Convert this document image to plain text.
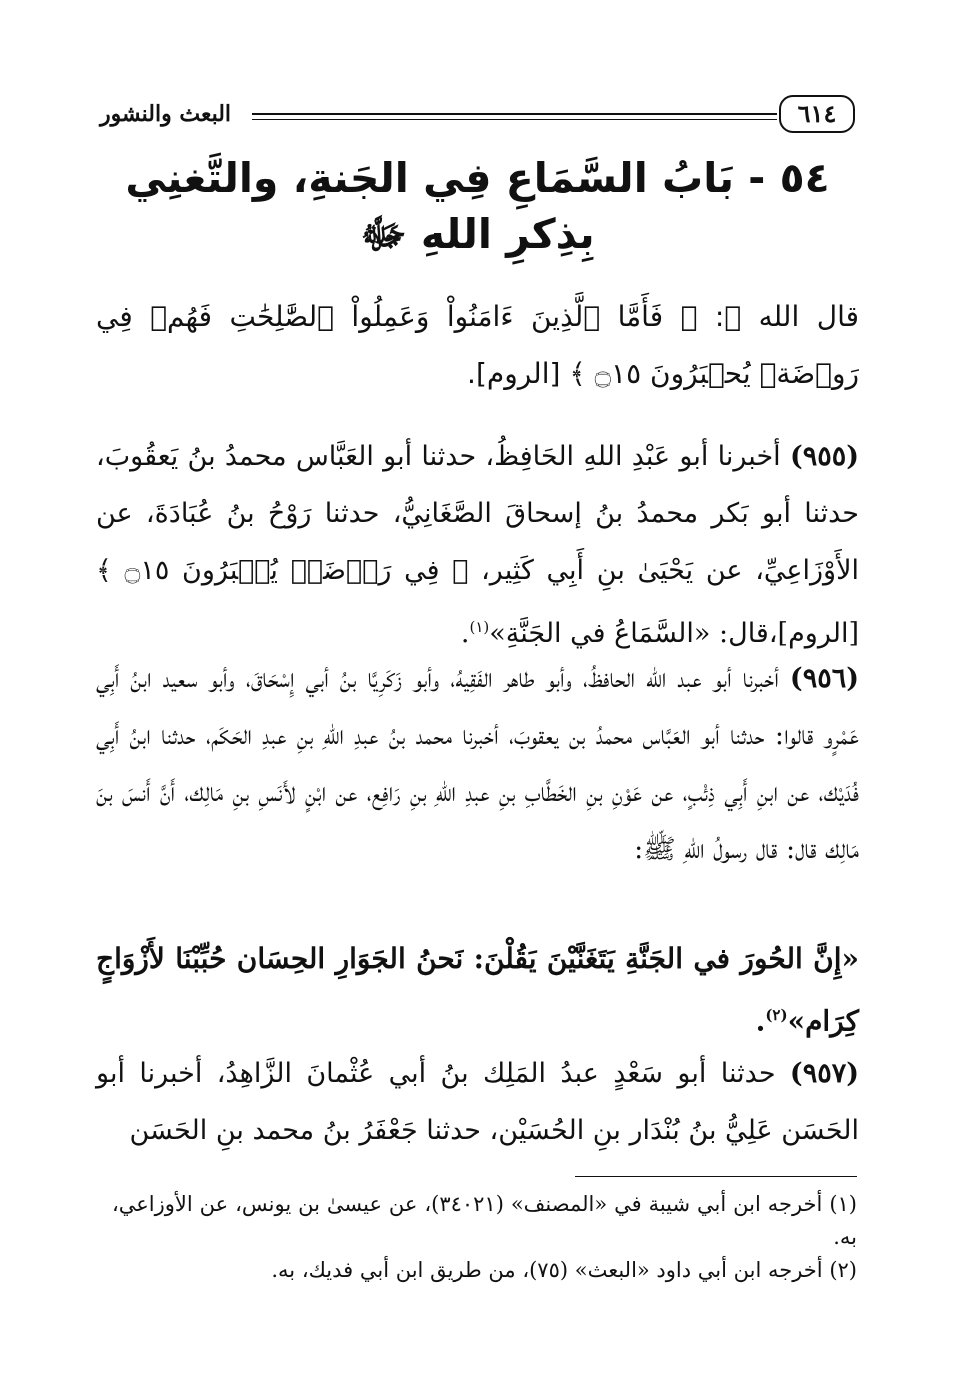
البعث والنشور	٦١٤
٥٤ - بَابُ السَّمَاعِ فِي الجَنةِ، والتَّغنِي
بِذِكرِ اللهِ ﷻ
قال الله ﷻ: ﴿ فَأَمَّا ٱلَّذِينَ ءَامَنُواْ وَعَمِلُواْ ٱلصَّٰلِحَٰتِ فَهُمۡ فِي رَوۡضَةٖ يُحۡبَرُونَ ۝١٥ ﴾ [الروم].
(٩٥٥) أخبرنا أبو عَبْدِ اللهِ الحَافِظُ، حدثنا أبو العَبَّاس محمدُ بنُ يَعقُوبَ، حدثنا أبو بَكر محمدُ بنُ إسحاقَ الصَّغَانِيُّ، حدثنا رَوْحُ بنُ عُبَادَةَ، عن الأَوْزَاعِيِّ، عن يَحْيَىٰ بنِ أَبِي كَثِير، ﴿ فِي رَوۡضَةٖ يُحۡبَرُونَ ۝١٥ ﴾ [الروم]،قال: «السَّمَاعُ في الجَنَّةِ»$^{(١)}$.
(٩٥٦) أخبرنا أبو عبد الله الحافظُ، وأبو طاهر الفَقِيهُ، وأبو زَكَرِيَّا بنُ أبي إِسْحَاقَ، وأبو سعيد ابنُ أَبِي عَمْرٍو قالوا: حدثنا أبو العَبَّاس محمدُ بن يعقوبَ، أخبرنا محمد بنُ عبدِ اللهِ بنِ عبدِ الحَكَم، حدثنا ابنُ أَبِي فُدَيْك، عن ابنِ أَبِي ذِئْبٍ، عن عَوْنِ بنِ الخَطَّابِ بنِ عبدِ اللهِ بنِ رَافِع، عن ابْنٍ لأَنَسِ بنِ مَالِك، أَنَّ أَنسَ بنَ مَالِك قال: قال رسولُ اللهِ ﷺ:
«إِنَّ الحُورَ في الجَنَّةِ يَتَغَنَّيْنَ يَقُلْنَ: نَحنُ الجَوَارِ الحِسَان حُبِّبْنَا لأَزْوَاجٍ كِرَام»$^{(٢)}$.
(٩٥٧) حدثنا أبو سَعْدٍ عبدُ المَلِك بنُ أبي عُثْمانَ الزَّاهِدُ، أخبرنا أبو الحَسَن عَلِيُّ بنُ بُنْدَار بنِ الحُسَيْن، حدثنا جَعْفَرُ بنُ محمد بنِ الحَسَن

(١) أخرجه ابن أبي شيبة في «المصنف» (٣٤٠٢١)، عن عيسىٰ بن يونس، عن الأوزاعي، به.

(٢) أخرجه ابن أبي داود «البعث» (٧٥)، من طريق ابن أبي فديك، به.
